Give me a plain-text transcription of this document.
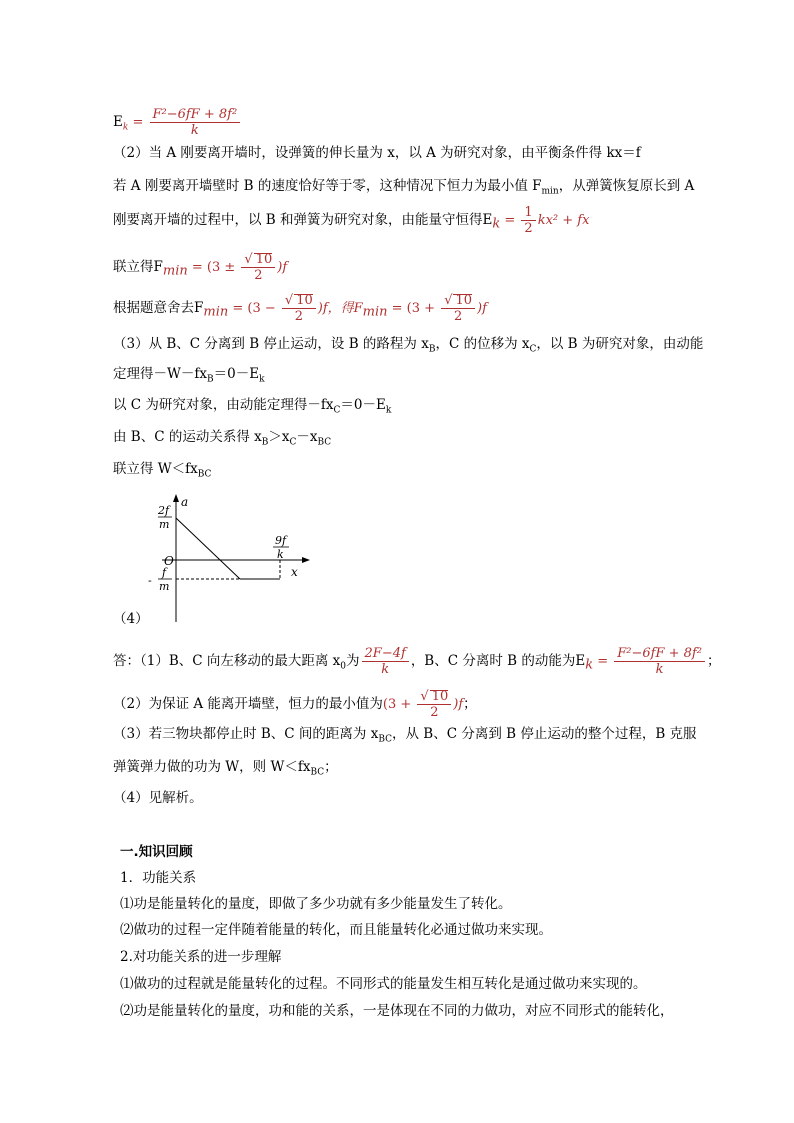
$E_k = \frac{\text{F²−6fF + 8f²}}{k}$
（2）当 A 刚要离开墙时，设弹簧的伸长量为 x，以 A 为研究对象，由平衡条件得 kx＝f
若 A 刚要离开墙壁时 B 的速度恰好等于零，这种情况下恒力为最小值 $F_{min}$，从弹簧恢复原长到 A
刚要离开墙的过程中，以 B 和弹簧为研究对象，由能量守恒得$E_k = \frac{1}{2} kx^2$ + fx
联立得$F_{min} = (3 \pm \frac{√ 10}{2} )f$
根据题意舍去$F_{min} = (3 - \frac{√ 10}{2} )f$，得$F_{min} = (3 + \frac{√ 10}{2} )f$
（3）从 B、C 分离到 B 停止运动，设 B 的路程为 $x_B$，C 的位移为 $x_C$，以 B 为研究对象，由动能
定理得$-W-fx_B=0-E_k$
以 C 为研究对象，由动能定理得$-fx_C=0-E_k$
由 B、C 的运动关系得 $x_B>x_C-x_{BC}$
联立得 $W<fx_{BC}$
a
O
x
2f
m
-
f
m
9f
k
（4）
答：（1）B、C 向左移动的最大距离 $x_0$为 $\frac{2F-4f}{k}$ ，B、C 分离时 B 的动能为$E_k = \frac{\text{F²−6fF + 8f²}}{k}$ ；
（2）为保证 A 能离开墙壁，恒力的最小值为$(3 + \frac{√ 10}{2} )f$；
（3）若三物块都停止时 B、C 间的距离为 $x_{BC}$，从 B、C 分离到 B 停止运动的整个过程，B 克服
弹簧弹力做的功为 W，则 $W<fx_{BC}$；
（4）见解析。
一.知识回顾
1．功能关系
⑴功是能量转化的量度，即做了多少功就有多少能量发生了转化。
⑵做功的过程一定伴随着能量的转化，而且能量转化必通过做功来实现。
2.对功能关系的进一步理解
⑴做功的过程就是能量转化的过程。不同形式的能量发生相互转化是通过做功来实现的。
⑵功是能量转化的量度，功和能的关系，一是体现在不同的力做功，对应不同形式的能转化，
